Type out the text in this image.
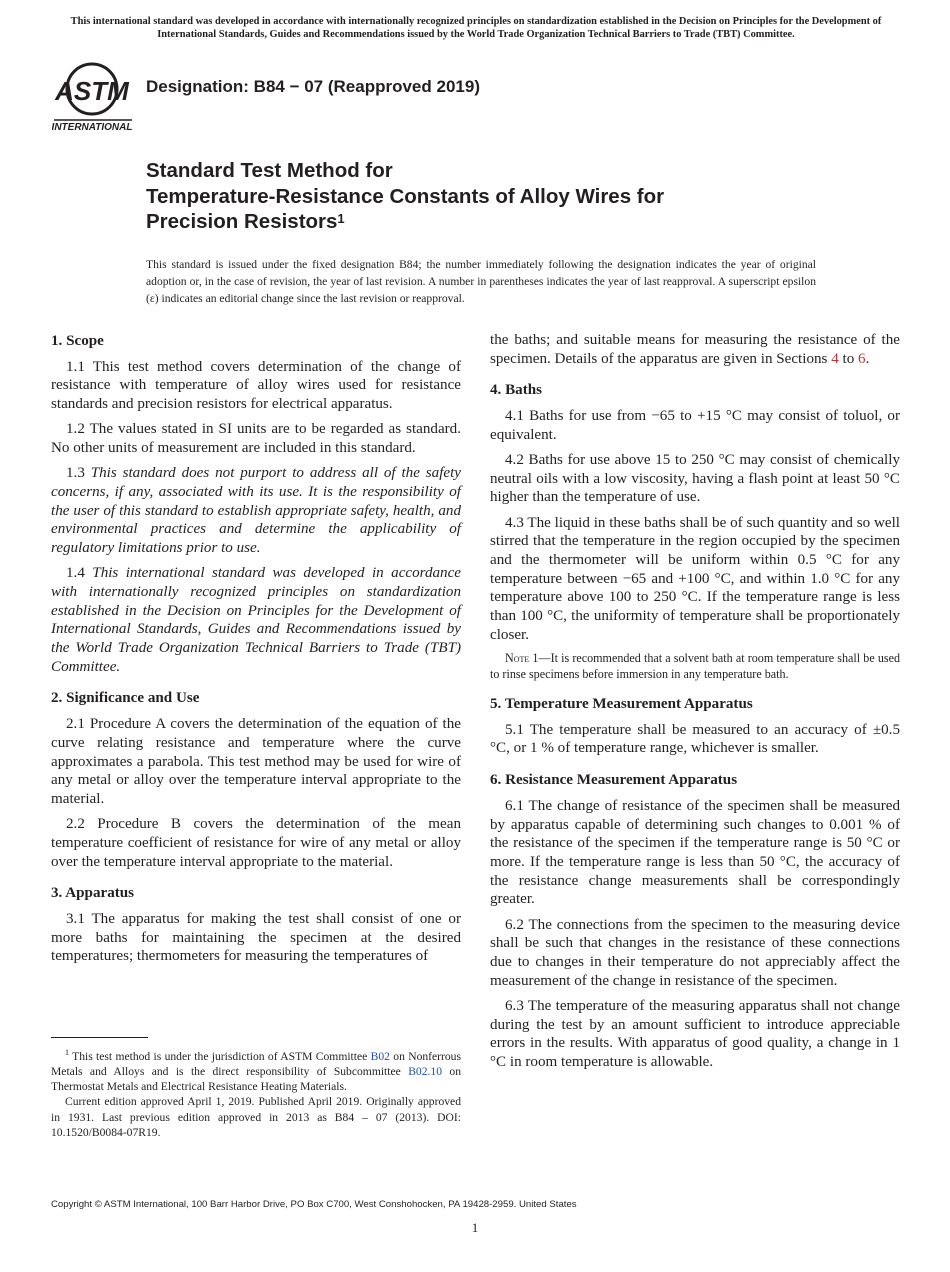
This international standard was developed in accordance with internationally recognized principles on standardization established in the Decision on Principles for the Development of International Standards, Guides and Recommendations issued by the World Trade Organization Technical Barriers to Trade (TBT) Committee.
ASTM
INTERNATIONAL
Designation: B84 − 07 (Reapproved 2019)
Standard Test Method for
Temperature-Resistance Constants of Alloy Wires for
Precision Resistors$^1$
This standard is issued under the fixed designation B84; the number immediately following the designation indicates the year of original adoption or, in the case of revision, the year of last revision. A number in parentheses indicates the year of last reapproval. A superscript epsilon (ε) indicates an editorial change since the last revision or reapproval.
1. Scope

1.1 This test method covers determination of the change of resistance with temperature of alloy wires used for resistance standards and precision resistors for electrical apparatus.

1.2 The values stated in SI units are to be regarded as standard. No other units of measurement are included in this standard.

1.3 This standard does not purport to address all of the safety concerns, if any, associated with its use. It is the responsibility of the user of this standard to establish appropriate safety, health, and environmental practices and determine the applicability of regulatory limitations prior to use.

1.4 This international standard was developed in accordance with internationally recognized principles on standardization established in the Decision on Principles for the Development of International Standards, Guides and Recommendations issued by the World Trade Organization Technical Barriers to Trade (TBT) Committee.

2. Significance and Use

2.1 Procedure A covers the determination of the equation of the curve relating resistance and temperature where the curve approximates a parabola. This test method may be used for wire of any metal or alloy over the temperature interval appropriate to the material.

2.2 Procedure B covers the determination of the mean temperature coefficient of resistance for wire of any metal or alloy over the temperature interval appropriate to the material.

3. Apparatus

3.1 The apparatus for making the test shall consist of one or more baths for maintaining the specimen at the desired temperatures; thermometers for measuring the temperatures of

the baths; and suitable means for measuring the resistance of the specimen. Details of the apparatus are given in Sections 4 to 6.

4. Baths

4.1 Baths for use from −65 to +15 °C may consist of toluol, or equivalent.

4.2 Baths for use above 15 to 250 °C may consist of chemically neutral oils with a low viscosity, having a flash point at least 50 °C higher than the temperature of use.

4.3 The liquid in these baths shall be of such quantity and so well stirred that the temperature in the region occupied by the specimen and the thermometer will be uniform within 0.5 °C for any temperature between −65 and +100 °C, and within 1.0 °C for any temperature above 100 to 250 °C. If the temperature range is less than 100 °C, the uniformity of temperature shall be proportionately closer.

Note 1—It is recommended that a solvent bath at room temperature shall be used to rinse specimens before immersion in any temperature bath.
5. Temperature Measurement Apparatus

5.1 The temperature shall be measured to an accuracy of ±0.5 °C, or 1 % of temperature range, whichever is smaller.

6. Resistance Measurement Apparatus

6.1 The change of resistance of the specimen shall be measured by apparatus capable of determining such changes to 0.001 % of the resistance of the specimen if the temperature range is 50 °C or more. If the temperature range is less than 50 °C, the accuracy of the resistance change measurements shall be correspondingly greater.

6.2 The connections from the specimen to the measuring device shall be such that changes in the resistance of these connections due to changes in their temperature do not appreciably affect the measurement of the change in resistance of the specimen.

6.3 The temperature of the measuring apparatus shall not change during the test by an amount sufficient to introduce appreciable errors in the results. With apparatus of good quality, a change in 1 °C in room temperature is allowable.

$^1$ This test method is under the jurisdiction of ASTM Committee B02 on Nonferrous Metals and Alloys and is the direct responsibility of Subcommittee B02.10 on Thermostat Metals and Electrical Resistance Heating Materials.

Current edition approved April 1, 2019. Published April 2019. Originally approved in 1931. Last previous edition approved in 2013 as B84 – 07 (2013). DOI: 10.1520/B0084-07R19.

Copyright © ASTM International, 100 Barr Harbor Drive, PO Box C700, West Conshohocken, PA 19428-2959. United States
1
